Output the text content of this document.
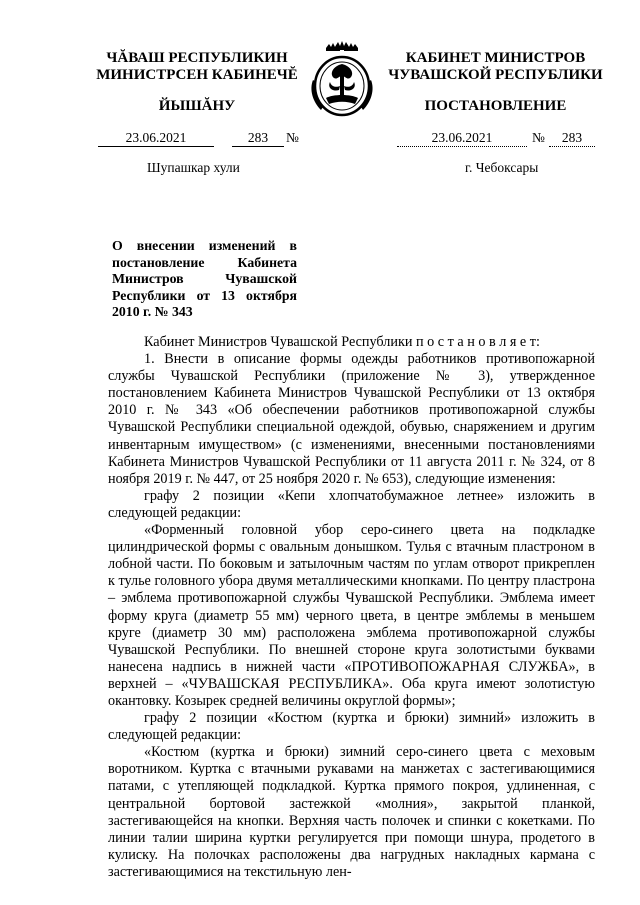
ЧĂВАШ РЕСПУБЛИКИН
МИНИСТРСЕН КАБИНЕЧĔ
КАБИНЕТ МИНИСТРОВ
ЧУВАШСКОЙ РЕСПУБЛИКИ
ЙЫШĂНУ	ПОСТАНОВЛЕНИЕ
23.06.2021	283	№	23.06.2021	№	283
Шупашкар хули	г. Чебоксары
О внесении изменений в постановление Кабинета Министров Чувашской Республики от 13 октября 2010 г. № 343

Кабинет Министров Чувашской Республики п о с т а н о в л я е т:

1. Внести в описание формы одежды работников противопожарной службы Чувашской Республики (приложение № 3), утвержденное постановлением Кабинета Министров Чувашской Республики от 13 октября 2010 г. № 343 «Об обеспечении работников противопожарной службы Чувашской Республики специальной одеждой, обувью, снаряжением и другим инвентарным имуществом» (с изменениями, внесенными постановлениями Кабинета Министров Чувашской Республики от 11 августа 2011 г. № 324, от 8 ноября 2019 г. № 447, от 25 ноября 2020 г. № 653), следующие изменения:

графу 2 позиции «Кепи хлопчатобумажное летнее» изложить в следующей редакции:

«Форменный головной убор серо-синего цвета на подкладке цилиндрической формы с овальным донышком. Тулья с втачным пластроном в лобной части. По боковым и затылочным частям по углам отворот прикреплен к тулье головного убора двумя металлическими кнопками. По центру пластрона – эмблема противопожарной службы Чувашской Республики. Эмблема имеет форму круга (диаметр 55 мм) черного цвета, в центре эмблемы в меньшем круге (диаметр 30 мм) расположена эмблема противопожарной службы Чувашской Республики. По внешней стороне круга золотистыми буквами нанесена надпись в нижней части «ПРОТИВОПОЖАРНАЯ СЛУЖБА», в верхней – «ЧУВАШСКАЯ РЕСПУБЛИКА». Оба круга имеют золотистую окантовку. Козырек средней величины округлой формы»;

графу 2 позиции «Костюм (куртка и брюки) зимний» изложить в следующей редакции:

«Костюм (куртка и брюки) зимний серо-синего цвета с меховым воротником. Куртка с втачными рукавами на манжетах с застегивающимися патами, с утепляющей подкладкой. Куртка прямого покроя, удлиненная, с центральной бортовой застежкой «молния», закрытой планкой, застегивающейся на кнопки. Верхняя часть полочек и спинки с кокетками. По линии талии ширина куртки регулируется при помощи шнура, продетого в кулиску. На полочках расположены два нагрудных накладных кармана с застегивающимися на текстильную лен-
